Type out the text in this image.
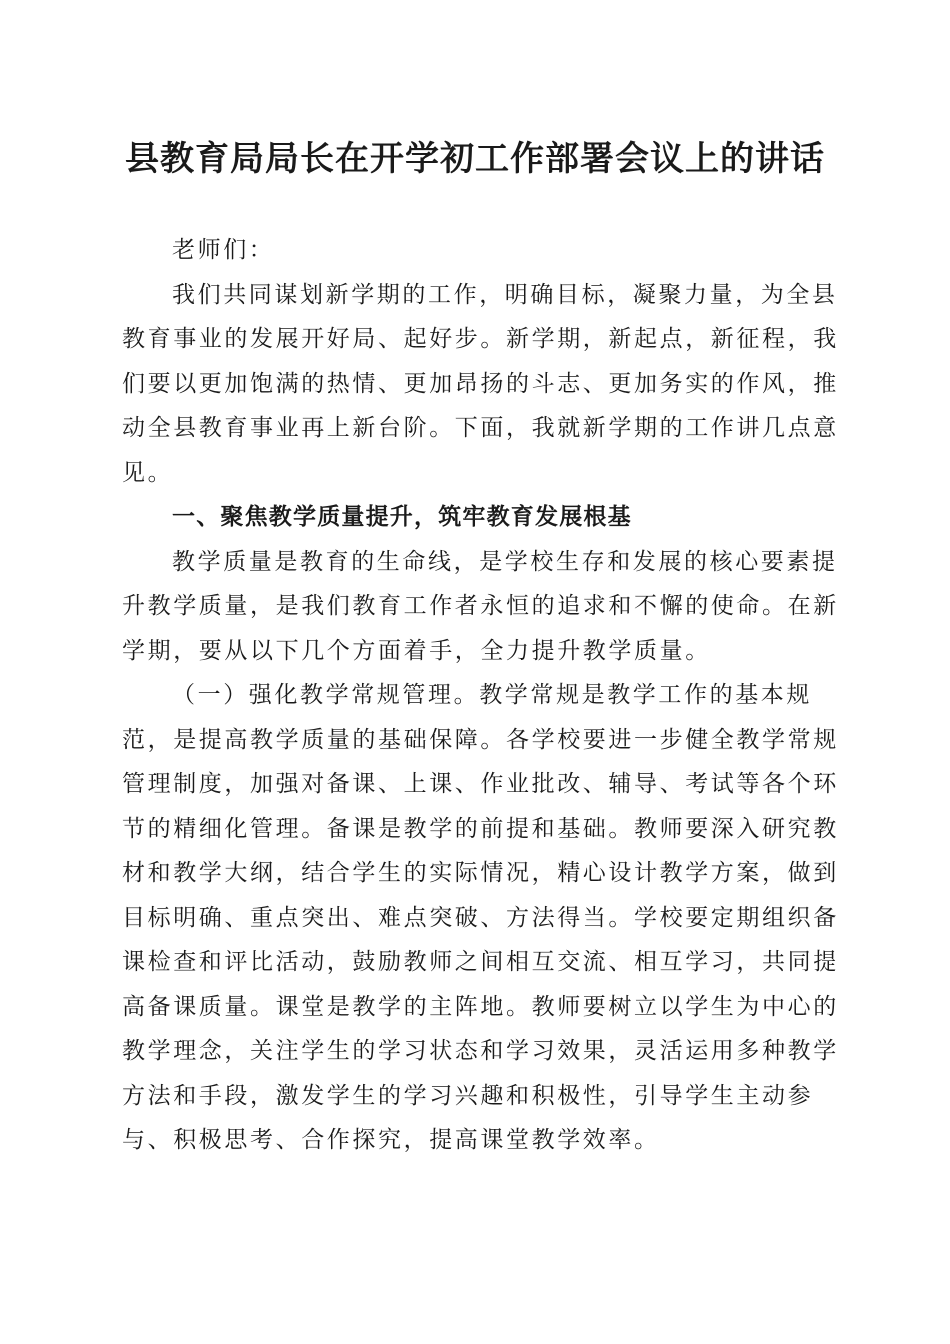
县教育局局长在开学初工作部署会议上的讲话

老师们：

我们共同谋划新学期的工作，明确目标，凝聚力量，为全县教育事业的发展开好局、起好步。新学期，新起点，新征程，我们要以更加饱满的热情、更加昂扬的斗志、更加务实的作风，推动全县教育事业再上新台阶。下面，我就新学期的工作讲几点意见。

一、聚焦教学质量提升，筑牢教育发展根基

教学质量是教育的生命线，是学校生存和发展的核心要素提升教学质量，是我们教育工作者永恒的追求和不懈的使命。在新学期，要从以下几个方面着手，全力提升教学质量。

（一）强化教学常规管理。教学常规是教学工作的基本规范，是提高教学质量的基础保障。各学校要进一步健全教学常规管理制度，加强对备课、上课、作业批改、辅导、考试等各个环节的精细化管理。备课是教学的前提和基础。教师要深入研究教材和教学大纲，结合学生的实际情况，精心设计教学方案，做到目标明确、重点突出、难点突破、方法得当。学校要定期组织备课检查和评比活动，鼓励教师之间相互交流、相互学习，共同提高备课质量。课堂是教学的主阵地。教师要树立以学生为中心的教学理念，关注学生的学习状态和学习效果，灵活运用多种教学方法和手段，激发学生的学习兴趣和积极性，引导学生主动参与、积极思考、合作探究，提高课堂教学效率。
